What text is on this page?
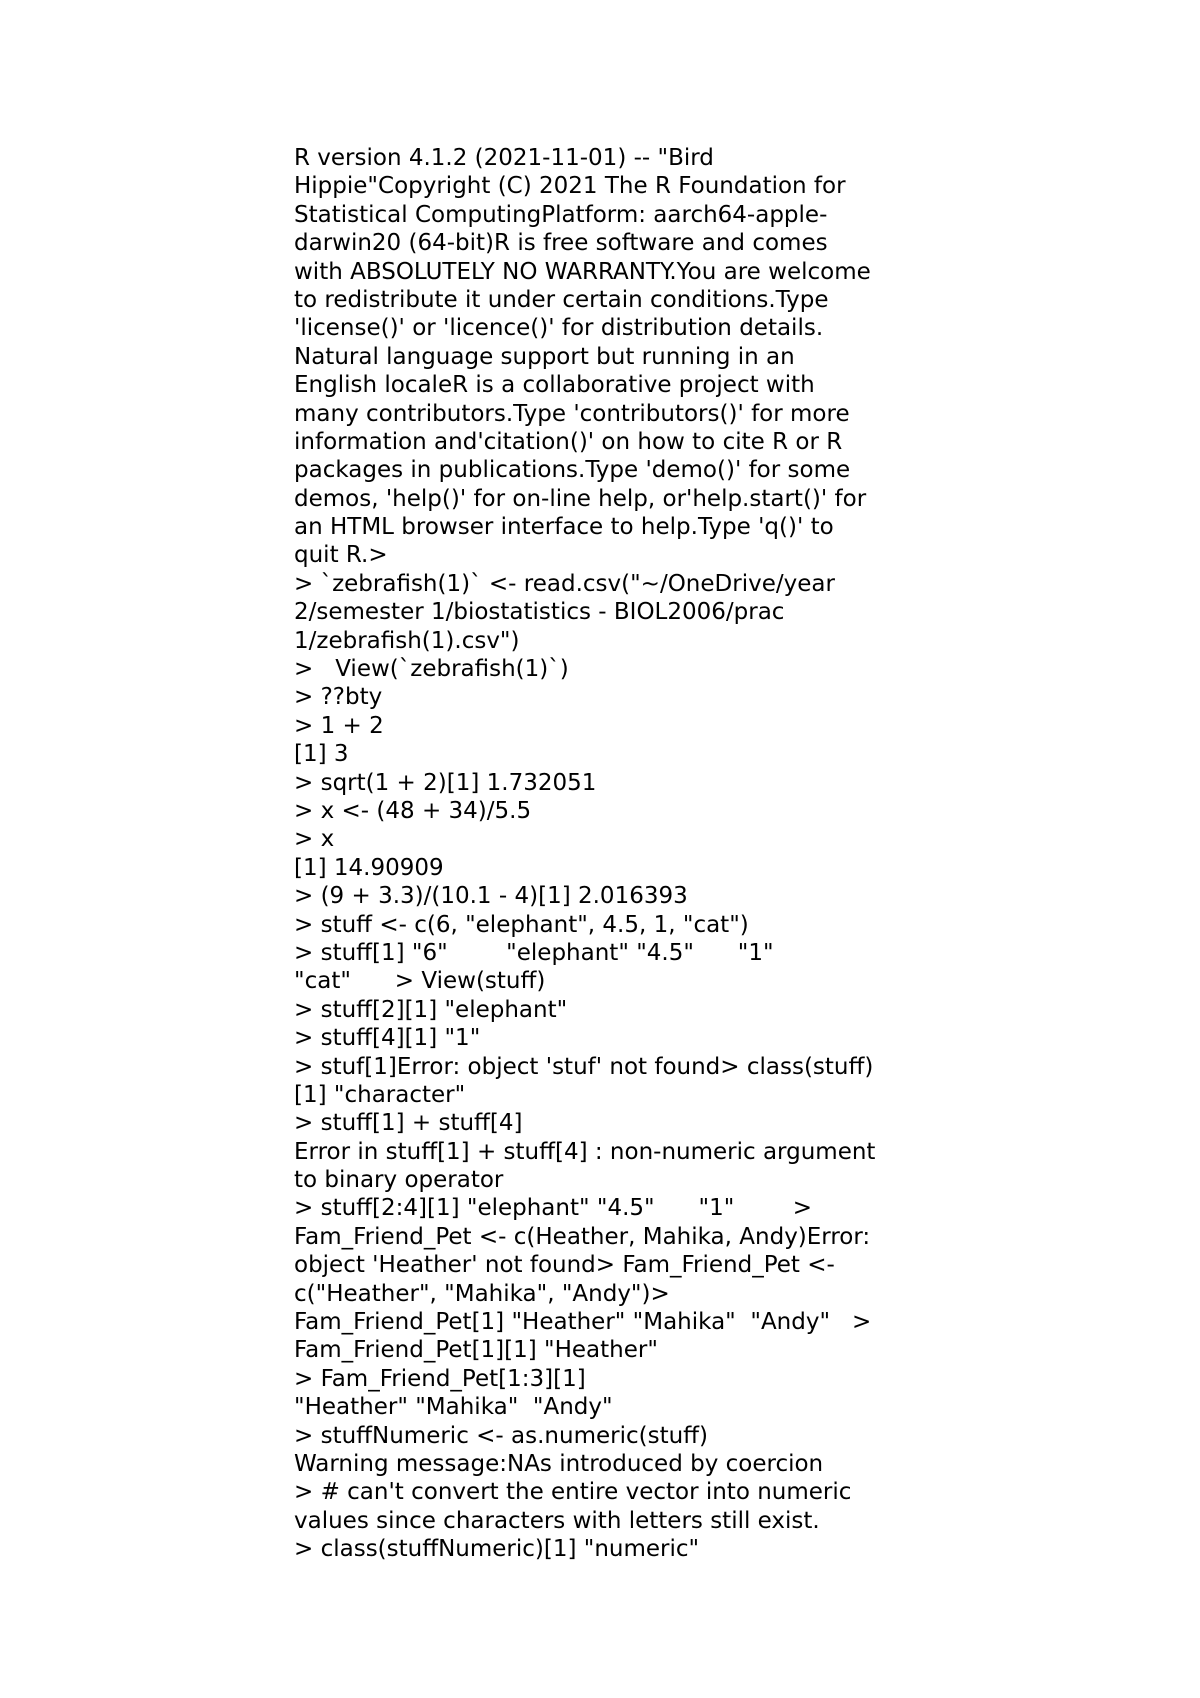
R version 4.1.2 (2021-11-01) -- "Bird
Hippie"Copyright (C) 2021 The R Foundation for
Statistical ComputingPlatform: aarch64-apple-
darwin20 (64-bit)R is free software and comes
with ABSOLUTELY NO WARRANTY.You are welcome
to redistribute it under certain conditions.Type
'license()' or 'licence()' for distribution details.
Natural language support but running in an
English localeR is a collaborative project with
many contributors.Type 'contributors()' for more
information and'citation()' on how to cite R or R
packages in publications.Type 'demo()' for some
demos, 'help()' for on-line help, or'help.start()' for
an HTML browser interface to help.Type 'q()' to
quit R.>
> `zebrafish(1)` <- read.csv("~/OneDrive/year
2/semester 1/biostatistics - BIOL2006/prac
1/zebrafish(1).csv")
>   View(`zebrafish(1)`)
> ??bty
> 1 + 2
[1] 3
> sqrt(1 + 2)[1] 1.732051
> x <- (48 + 34)/5.5
> x
[1] 14.90909
> (9 + 3.3)/(10.1 - 4)[1] 2.016393
> stuff <- c(6, "elephant", 4.5, 1, "cat")
> stuff[1] "6"        "elephant" "4.5"      "1"
"cat"      > View(stuff)
> stuff[2][1] "elephant"
> stuff[4][1] "1"
> stuf[1]Error: object 'stuf' not found> class(stuff)
[1] "character"
> stuff[1] + stuff[4]
Error in stuff[1] + stuff[4] : non-numeric argument
to binary operator
> stuff[2:4][1] "elephant" "4.5"      "1"        >
Fam_Friend_Pet <- c(Heather, Mahika, Andy)Error:
object 'Heather' not found> Fam_Friend_Pet <-
c("Heather", "Mahika", "Andy")>
Fam_Friend_Pet[1] "Heather" "Mahika"  "Andy"   >
Fam_Friend_Pet[1][1] "Heather"
> Fam_Friend_Pet[1:3][1]
"Heather" "Mahika"  "Andy"
> stuffNumeric <- as.numeric(stuff)
Warning message:NAs introduced by coercion
> # can't convert the entire vector into numeric
values since characters with letters still exist.
> class(stuffNumeric)[1] "numeric"
